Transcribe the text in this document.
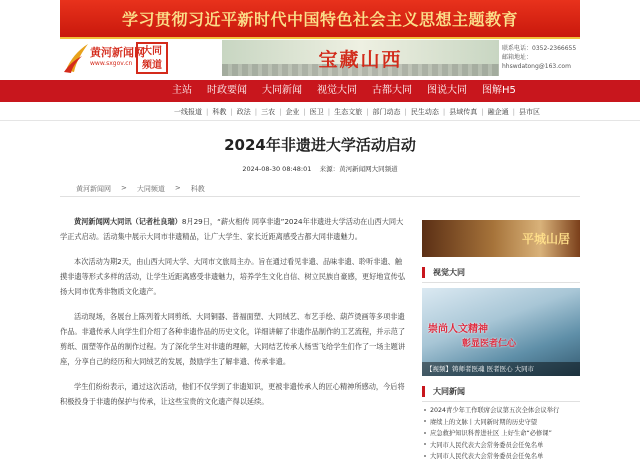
学习贯彻习近平新时代中国特色社会主义思想主题教育
黄河新闻网
www.sxgov.cn
大同频道	宝藏山西
联系电话：0352-2366655
邮箱地址：hhswdatong@163.com
主站 时政要闻 大同新闻 视觉大同 古都大同 图说大同 图解H5
一线报道 | 科教 | 政法 | 三农 | 企业 | 医卫 | 生态文旅 | 部门动态 | 民生动态 | 县域传真 | 融企通 | 县市区
2024年非遗进大学活动启动
2024-08-30 08:48:01    来源：黄河新闻网大同频道
黄河新闻网 > 大同频道 > 科教

黄河新闻网大同讯（记者杜良瑞）8月29日，“薪火相传 同享非遗”2024年非遗进大学活动在山西大同大学正式启动。活动集中展示大同市非遗精品，让广大学生、家长近距离感受古都大同非遗魅力。

本次活动为期2天，由山西大同大学、大同市文旅局主办。旨在通过看见非遗、品味非遗、聆听非遗、触摸非遗等形式多样的活动，让学生近距离感受非遗魅力，培养学生文化自信、树立民族自豪感，更好地宣传弘扬大同市优秀非物质文化遗产。

活动现场，各展台上陈列着大同剪纸、大同铜器、普福面塑、大同绒艺、布艺手绘、葫芦烫画等多项非遗作品。非遗传承人向学生们介绍了各种非遗作品的历史文化，详细讲解了非遗作品制作的工艺流程，并示范了剪纸、面塑等作品的制作过程。为了深化学生对非遗的理解，大同结艺传承人杨雪飞给学生们作了一场主题讲座，分享自己的经历和大同绒艺的发展，鼓励学生了解非遗、传承非遗。

学生们纷纷表示，通过这次活动，他们不仅学到了非遗知识，更被非遗传承人的匠心精神所感动，今后将积极投身于非遗的保护与传承，让这些宝贵的文化遗产得以延续。

平城山居
视觉大同
崇尚人文精神
彰显医者仁心
【视频】铸师者医魂 医者医心 大同市
大同新闻
2024青少年工作联席会议第五次全体会议举行
赓续上的文脉丨大同新时期的历史守望
应急救护知识科普进社区 上好生命“必修课”
大同市人民代表大会常务委员会任免名单
大同市人民代表大会常务委员会任免名单
